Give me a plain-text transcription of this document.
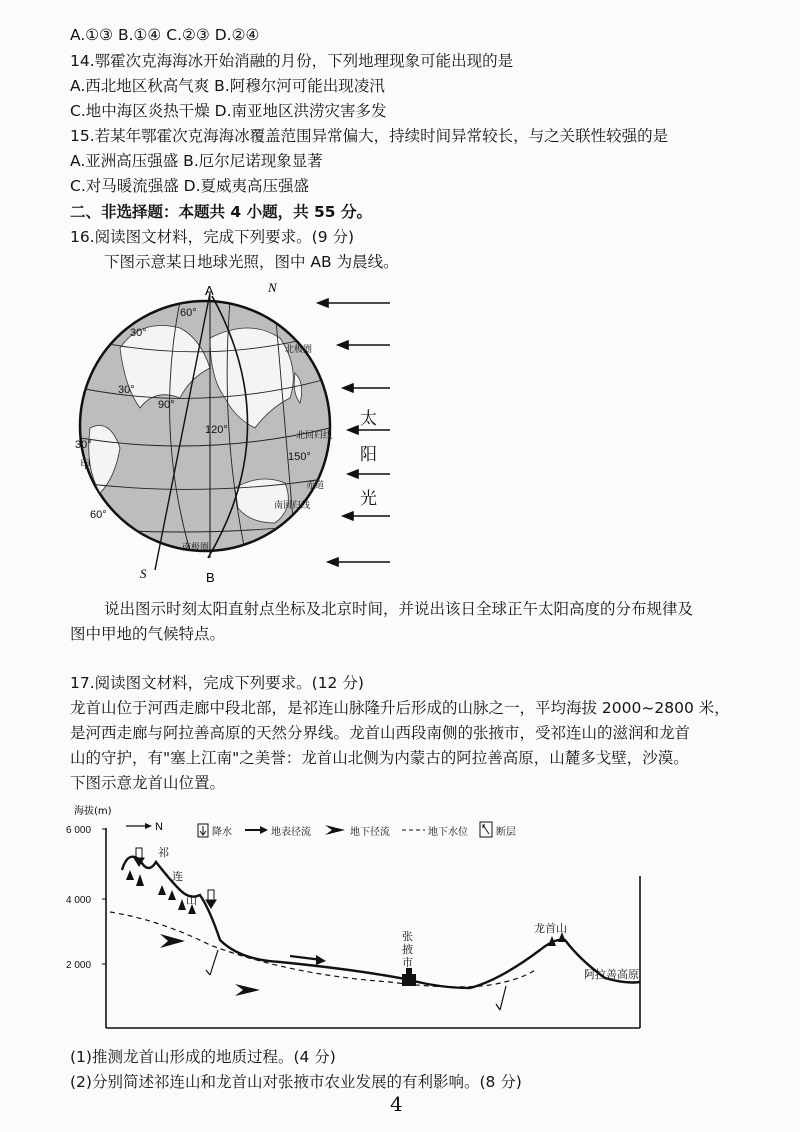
A.①③ B.①④ C.②③ D.②④
14.鄂霍次克海海冰开始消融的月份，下列地理现象可能出现的是
A.西北地区秋高气爽 B.阿穆尔河可能出现凌汛
C.地中海区炎热干燥 D.南亚地区洪涝灾害多发
15.若某年鄂霍次克海海冰覆盖范围异常偏大，持续时间异常较长，与之关联性较强的是
A.亚洲高压强盛 B.厄尔尼诺现象显著
C.对马暖流强盛 D.夏威夷高压强盛
二、非选择题：本题共 4 小题，共 55 分。
16.阅读图文材料，完成下列要求。(9 分)
下图示意某日地球光照，图中 AB 为晨线。
A
B
N
S
60°
30°
30°
30°
60°
90°
120°
150°
甲
北极圈
北回归线
赤道
南回归线
南极圈
太
阳
光
说出图示时刻太阳直射点坐标及北京时间，并说出该日全球正午太阳高度的分布规律及
图中甲地的气候特点。
17.阅读图文材料，完成下列要求。(12 分)
龙首山位于河西走廊中段北部，是祁连山脉隆升后形成的山脉之一，平均海拔 2000~2800 米，
是河西走廊与阿拉善高原的天然分界线。龙首山西段南侧的张掖市，受祁连山的滋润和龙首
山的守护，有"塞上江南"之美誉：龙首山北侧为内蒙古的阿拉善高原，山麓多戈壁，沙漠。
下图示意龙首山位置。
海拔(m)
6 000
4 000
2 000
N	降水	地表径流	地下径流	地下水位	断层
祁
连
山
张
掖
市
龙首山
阿拉善高原
(1)推测龙首山形成的地质过程。(4 分)
(2)分别简述祁连山和龙首山对张掖市农业发展的有利影响。(8 分)
4
